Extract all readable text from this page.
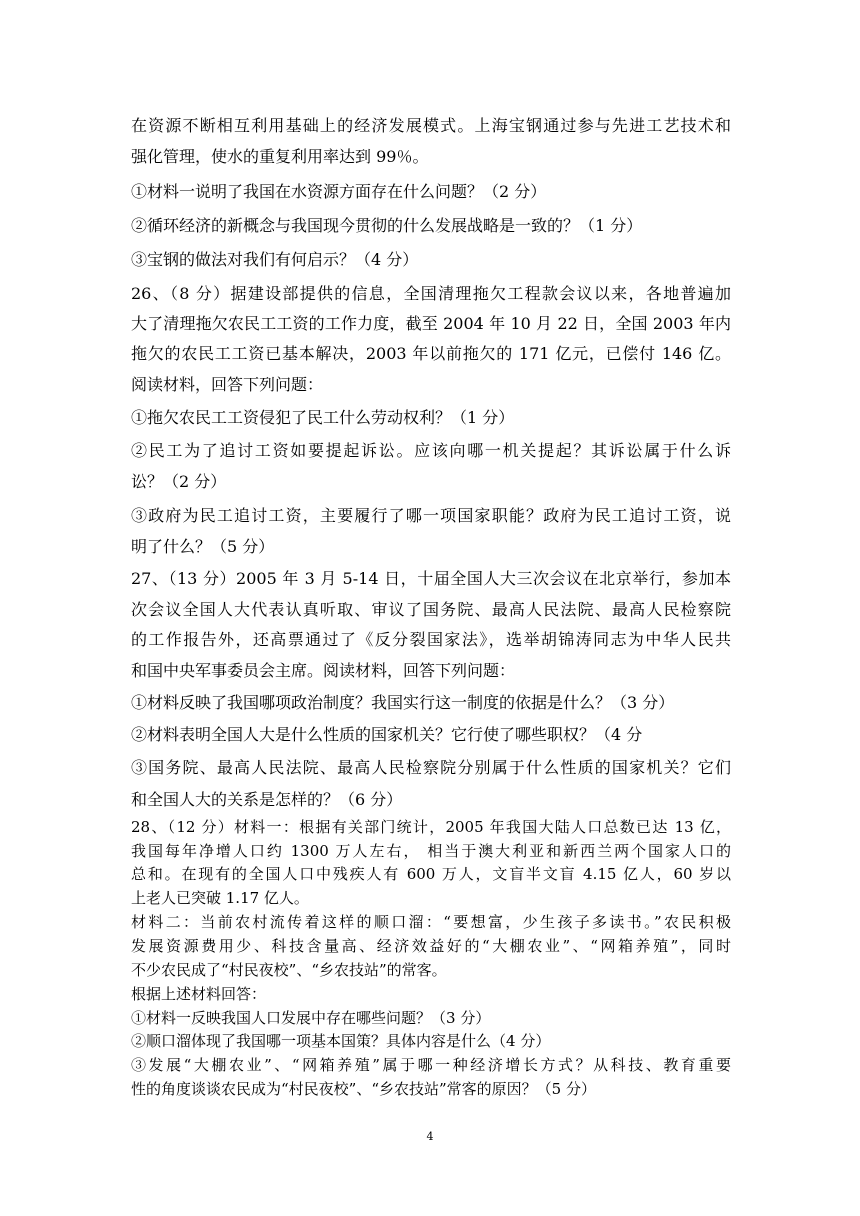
在资源不断相互利用基础上的经济发展模式。上海宝钢通过参与先进工艺技术和
强化管理，使水的重复利用率达到 99％。
①材料一说明了我国在水资源方面存在什么问题？（2 分）
②循环经济的新概念与我国现今贯彻的什么发展战略是一致的？（1 分）
③宝钢的做法对我们有何启示？（4 分）
26、（8 分）据建设部提供的信息，全国清理拖欠工程款会议以来，各地普遍加
大了清理拖欠农民工工资的工作力度，截至 2004 年 10 月 22 日，全国 2003 年内
拖欠的农民工工资已基本解决，2003 年以前拖欠的 171 亿元，已偿付 146 亿。
阅读材料，回答下列问题：
①拖欠农民工工资侵犯了民工什么劳动权利？（1 分）
②民工为了追讨工资如要提起诉讼。应该向哪一机关提起？其诉讼属于什么诉
讼？（2 分）
③政府为民工追讨工资，主要履行了哪一项国家职能？政府为民工追讨工资，说
明了什么？（5 分）
27、（13 分）2005 年 3 月 5-14 日，十届全国人大三次会议在北京举行，参加本
次会议全国人大代表认真听取、审议了国务院、最高人民法院、最高人民检察院
的工作报告外，还高票通过了《反分裂国家法》，选举胡锦涛同志为中华人民共
和国中央军事委员会主席。阅读材料，回答下列问题：
①材料反映了我国哪项政治制度？我国实行这一制度的依据是什么？（3 分）
②材料表明全国人大是什么性质的国家机关？它行使了哪些职权？（4 分
③国务院、最高人民法院、最高人民检察院分别属于什么性质的国家机关？它们
和全国人大的关系是怎样的？（6 分）
28、（12 分）材料一：根据有关部门统计，2005 年我国大陆人口总数已达 13 亿，
我国每年净增人口约 1300 万人左右， 相当于澳大利亚和新西兰两个国家人口的
总和。在现有的全国人口中残疾人有 600 万人，文盲半文盲 4.15 亿人，60 岁以
上老人已突破 1.17 亿人。
材料二：当前农村流传着这样的顺口溜：“要想富，少生孩子多读书。”农民积极
发展资源费用少、科技含量高、经济效益好的“大棚农业”、“网箱养殖”，同时
不少农民成了“村民夜校”、“乡农技站”的常客。
根据上述材料回答：
①材料一反映我国人口发展中存在哪些问题？（3 分）
②顺口溜体现了我国哪一项基本国策？具体内容是什么（4 分）
③发展“大棚农业”、“网箱养殖”属于哪一种经济增长方式？从科技、教育重要
性的角度谈谈农民成为“村民夜校”、“乡农技站”常客的原因？（5 分）
4
